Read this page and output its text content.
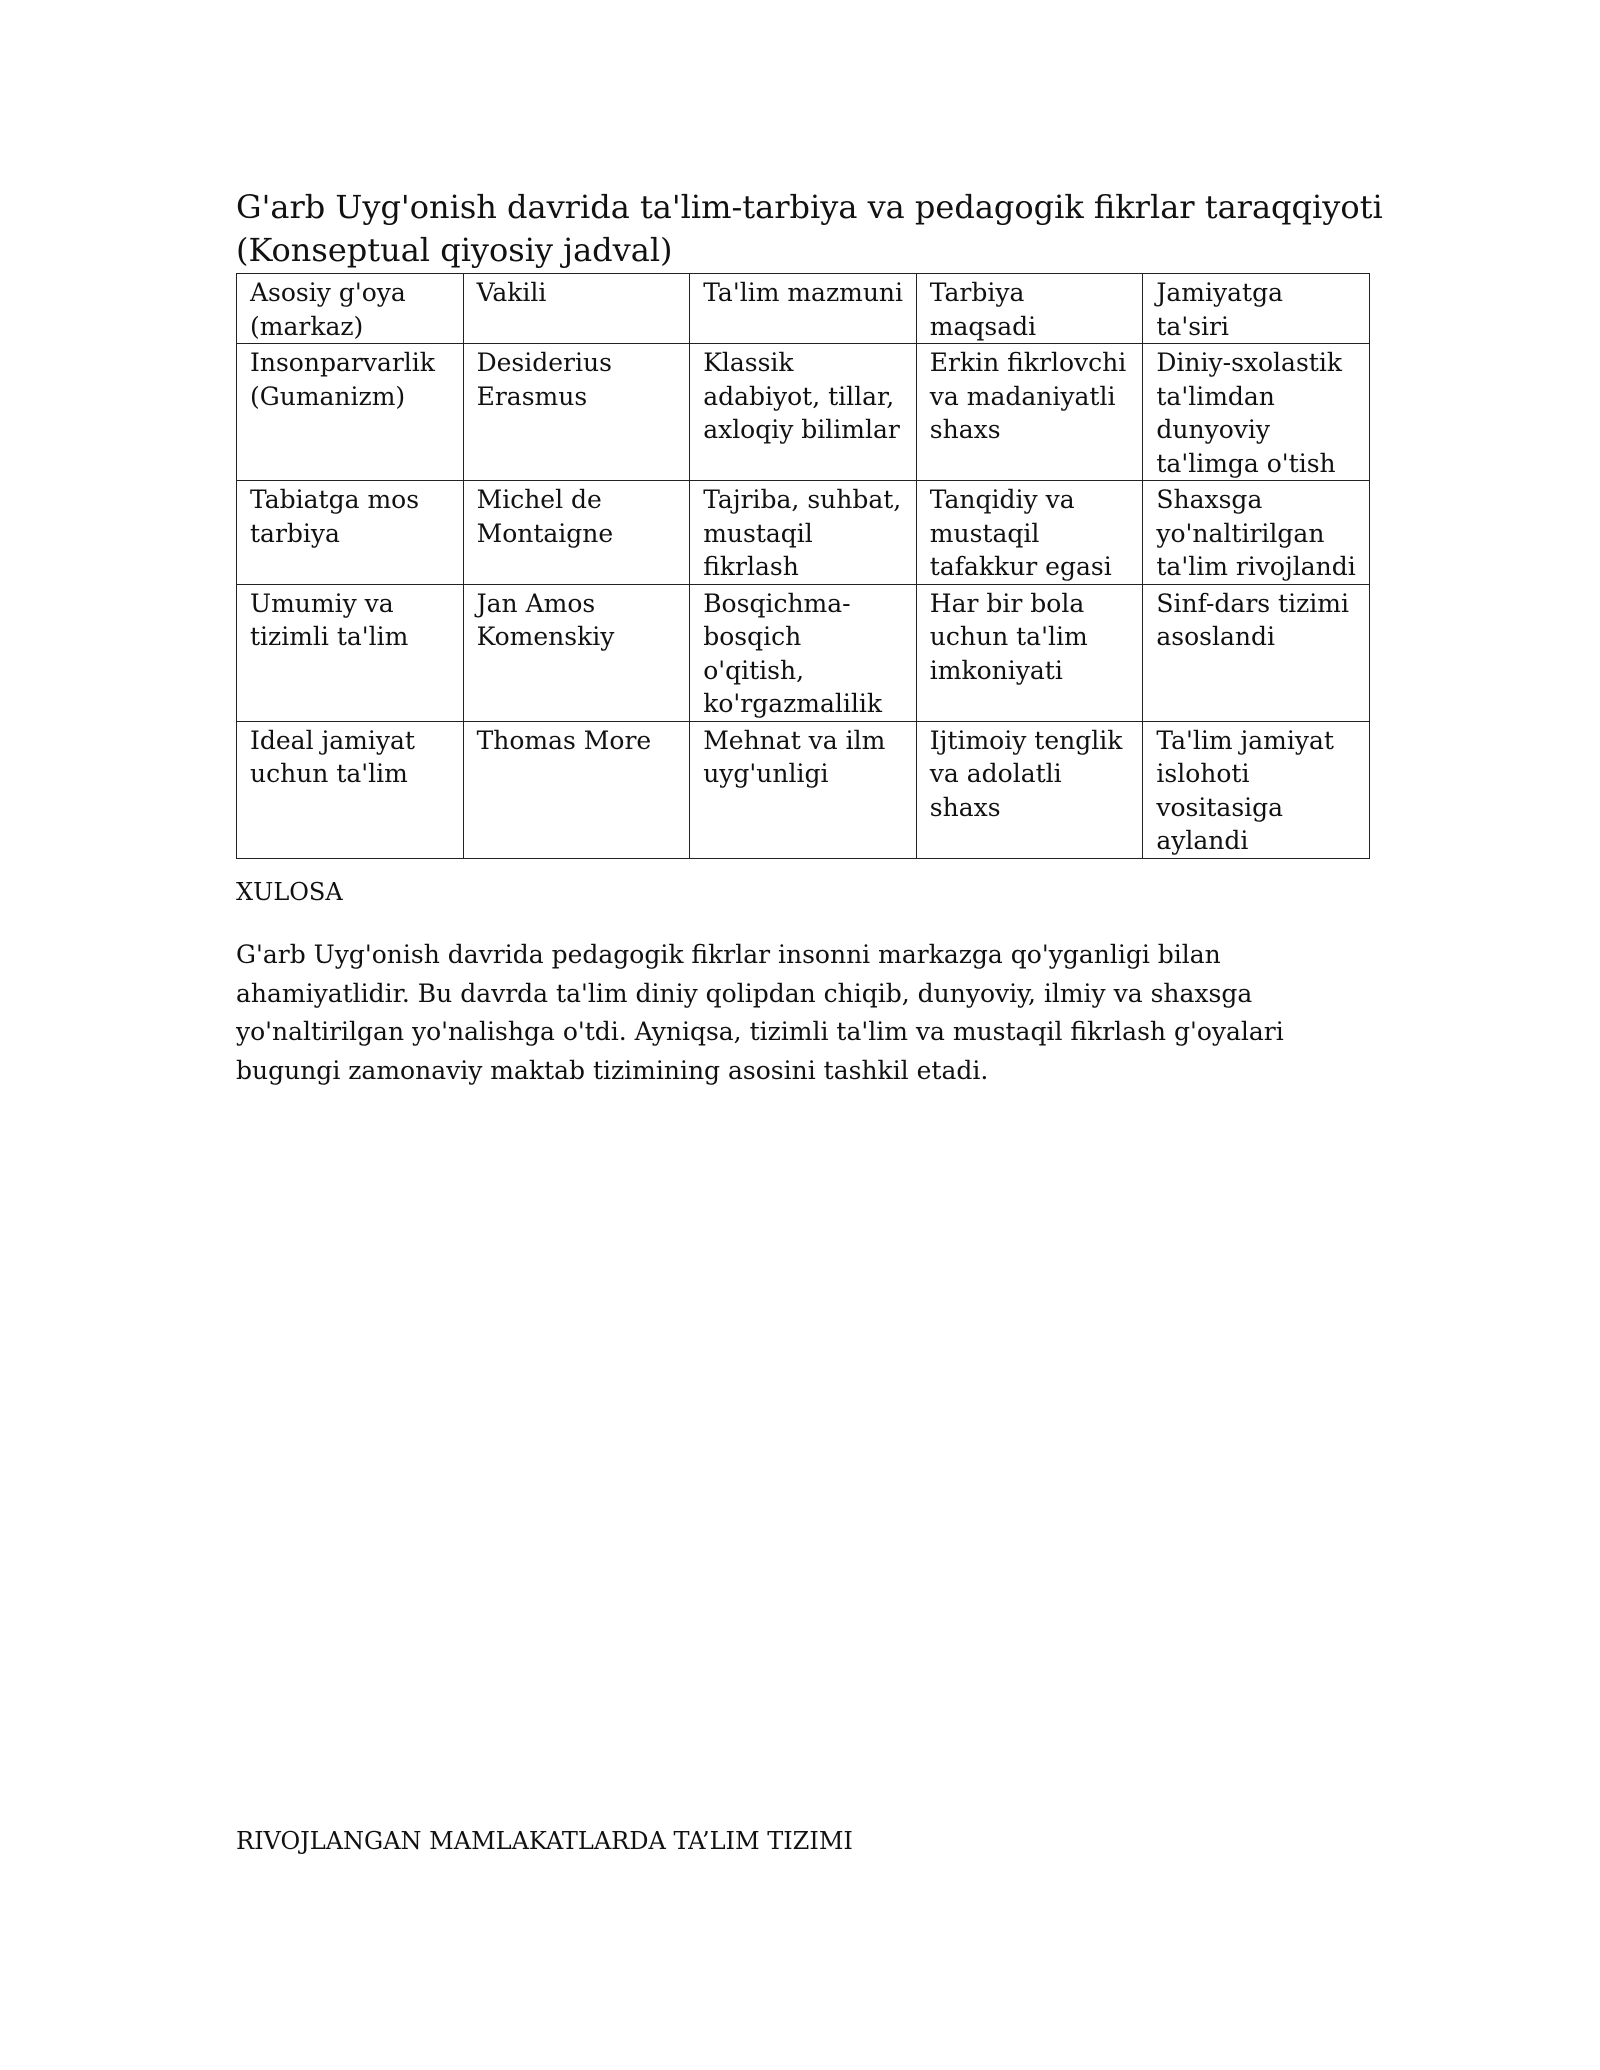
G'arb Uyg'onish davrida ta'lim-tarbiya va pedagogik fikrlar taraqqiyoti
(Konseptual qiyosiy jadval)
Asosiy g'oya (markaz)	Vakili	Ta'lim mazmuni	Tarbiya maqsadi	Jamiyatga ta'siri
Insonparvarlik (Gumanizm)	Desiderius Erasmus	Klassik adabiyot, tillar, axloqiy bilimlar	Erkin fikrlovchi va madaniyatli shaxs	Diniy-sxolastik ta'limdan dunyoviy ta'limga o'tish
Tabiatga mos tarbiya	Michel de Montaigne	Tajriba, suhbat, mustaqil fikrlash	Tanqidiy va mustaqil tafakkur egasi	Shaxsga yo'naltirilgan ta'lim rivojlandi
Umumiy va tizimli ta'lim	Jan Amos Komenskiy	Bosqichma-bosqich o'qitish, ko'rgazmalilik	Har bir bola uchun ta'lim imkoniyati	Sinf-dars tizimi asoslandi
Ideal jamiyat uchun ta'lim	Thomas More	Mehnat va ilm uyg'unligi	Ijtimoiy tenglik va adolatli shaxs	Ta'lim jamiyat islohoti vositasiga aylandi
XULOSA

G'arb Uyg'onish davrida pedagogik fikrlar insonni markazga qo'yganligi bilan ahamiyatlidir. Bu davrda ta'lim diniy qolipdan chiqib, dunyoviy, ilmiy va shaxsga yo'naltirilgan yo'nalishga o'tdi. Ayniqsa, tizimli ta'lim va mustaqil fikrlash g'oyalari bugungi zamonaviy maktab tizimining asosini tashkil etadi.

RIVOJLANGAN MAMLAKATLARDA TA’LIM TIZIMI
